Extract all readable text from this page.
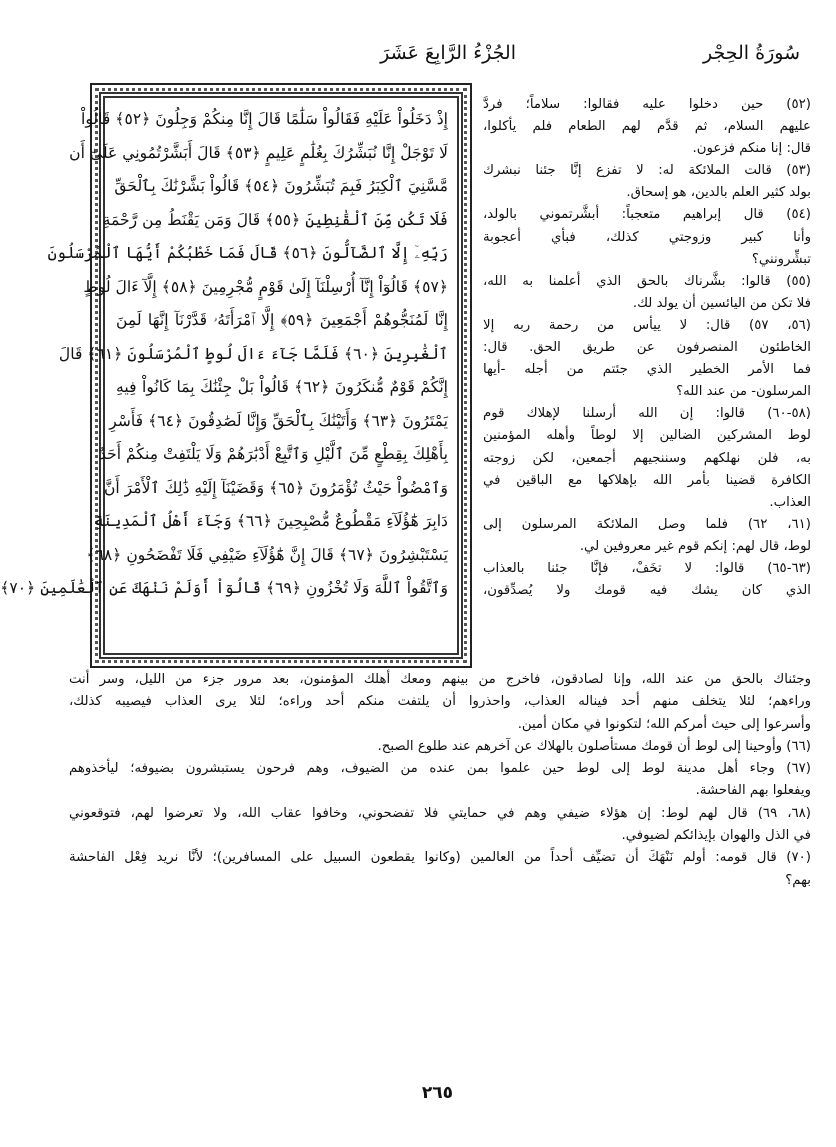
سُورَةُ الحِجْر
الجُزْءُ الرَّابِعَ عَشَرَ
إِذْ دَخَلُواْ عَلَيْهِ فَقَالُواْ سَلَٰمًا قَالَ إِنَّا مِنكُمْ وَجِلُونَ ﴿٥٢﴾ قَالُواْ
لَا تَوْجَلْ إِنَّا نُبَشِّرُكَ بِغُلَٰمٍ عَلِيمٍ ﴿٥٣﴾ قَالَ أَبَشَّرْتُمُونِي عَلَىٰٓ أَن
مَّسَّنِيَ ٱلْكِبَرُ فَبِمَ تُبَشِّرُونَ ﴿٥٤﴾ قَالُواْ بَشَّرْنَٰكَ بِٱلْحَقِّ
فَلَا تَكُن مِّنَ ٱلْقَٰنِطِينَ ﴿٥٥﴾ قَالَ وَمَن يَقْنَطُ مِن رَّحْمَةِ
رَبِّهِۦٓ إِلَّا ٱلضَّآلُّونَ ﴿٥٦﴾ قَالَ فَمَا خَطْبُكُمْ أَيُّهَا ٱلْمُرْسَلُونَ
﴿٥٧﴾ قَالُوٓاْ إِنَّآ أُرْسِلْنَآ إِلَىٰ قَوْمٍ مُّجْرِمِينَ ﴿٥٨﴾ إِلَّآ ءَالَ لُوطٍ
إِنَّا لَمُنَجُّوهُمْ أَجْمَعِينَ ﴿٥٩﴾ إِلَّا ٱمْرَأَتَهُۥ قَدَّرْنَآ إِنَّهَا لَمِنَ
ٱلْغَٰبِرِينَ ﴿٦٠﴾ فَلَمَّا جَآءَ ءَالَ لُوطٍ ٱلْمُرْسَلُونَ ﴿٦١﴾ قَالَ
إِنَّكُمْ قَوْمٌ مُّنكَرُونَ ﴿٦٢﴾ قَالُواْ بَلْ جِئْنَٰكَ بِمَا كَانُواْ فِيهِ
يَمْتَرُونَ ﴿٦٣﴾ وَأَتَيْنَٰكَ بِٱلْحَقِّ وَإِنَّا لَصَٰدِقُونَ ﴿٦٤﴾ فَأَسْرِ
بِأَهْلِكَ بِقِطْعٍ مِّنَ ٱلَّيْلِ وَٱتَّبِعْ أَدْبَٰرَهُمْ وَلَا يَلْتَفِتْ مِنكُمْ أَحَدٌ
وَٱمْضُواْ حَيْثُ تُؤْمَرُونَ ﴿٦٥﴾ وَقَضَيْنَآ إِلَيْهِ ذَٰلِكَ ٱلْأَمْرَ أَنَّ
دَابِرَ هَٰٓؤُلَآءِ مَقْطُوعٌ مُّصْبِحِينَ ﴿٦٦﴾ وَجَآءَ أَهْلُ ٱلْمَدِينَةِ
يَسْتَبْشِرُونَ ﴿٦٧﴾ قَالَ إِنَّ هَٰٓؤُلَآءِ ضَيْفِي فَلَا تَفْضَحُونِ ﴿٦٨﴾
وَٱتَّقُواْ ٱللَّهَ وَلَا تُخْزُونِ ﴿٦٩﴾ قَالُوٓاْ أَوَلَمْ نَنْهَكَ عَنِ ٱلْعَٰلَمِينَ ﴿٧٠﴾
(٥٢) حين دخلوا عليه فقالوا: سلاماً؛ فردَّ
عليهم السلام، ثم قدَّم لهم الطعام فلم يأكلوا،
قال: إنا منكم فزعون.
(٥٣) قالت الملائكة له: لا تفزع إنَّا جئنا نبشرك
بولد كثير العلم بالدين، هو إسحاق.
(٥٤) قال إبراهيم متعجباً: أبشَّرتموني بالولد،
وأنا كبير وزوجتي كذلك، فبأي أعجوبة
تبشِّرونني؟
(٥٥) قالوا: بشَّرناك بالحق الذي أعلمنا به الله،
فلا تكن من اليائسين أن يولد لك.
(٥٦، ٥٧) قال: لا ييأس من رحمة ربه إلا
الخاطئون المنصرفون عن طريق الحق. قال:
فما الأمر الخطير الذي جئتم من أجله -أيها
المرسلون- من عند الله؟
(٥٨-٦٠) قالوا: إن الله أرسلنا لإهلاك قوم
لوط المشركين الضالين إلا لوطاً وأهله المؤمنين
به، فلن نهلكهم وسننجيهم أجمعين، لكن زوجته
الكافرة قضينا بأمر الله بإهلاكها مع الباقين في
العذاب.
(٦١، ٦٢) فلما وصل الملائكة المرسلون إلى
لوط، قال لهم: إنكم قوم غير معروفين لي.
(٦٣-٦٥) قالوا: لا تخَفْ، فإنَّا جئنا بالعذاب
الذي كان يشك فيه قومك ولا يُصدِّقون،
وجئناك بالحق من عند الله، وإنا لصادقون، فاخرج من بينهم ومعك أهلك المؤمنون، بعد مرور جزء من الليل، وسر أنت
وراءهم؛ لئلا يتخلف منهم أحد فيناله العذاب، واحذروا أن يلتفت منكم أحد وراءه؛ لئلا يرى العذاب فيصيبه كذلك،
وأسرعوا إلى حيث أمركم الله؛ لتكونوا في مكان أمين.
(٦٦) وأوحينا إلى لوط أن قومك مستأصلون بالهلاك عن آخرهم عند طلوع الصبح.
(٦٧) وجاء أهل مدينة لوط إلى لوط حين علموا بمن عنده من الضيوف، وهم فرحون يستبشرون بضيوفه؛ ليأخذوهم
ويفعلوا بهم الفاحشة.
(٦٨، ٦٩) قال لهم لوط: إن هؤلاء ضيفي وهم في حمايتي فلا تفضحوني، وخافوا عقاب الله، ولا تعرضوا لهم، فتوقعوني
في الذل والهوان بإيذائكم لضيوفي.
(٧٠) قال قومه: أولم نَنْهَكَ أن تضيِّف أحداً من العالمين (وكانوا يقطعون السبيل على المسافرين)؛ لأنَّا نريد فِعْل الفاحشة
بهم؟
٢٦٥
